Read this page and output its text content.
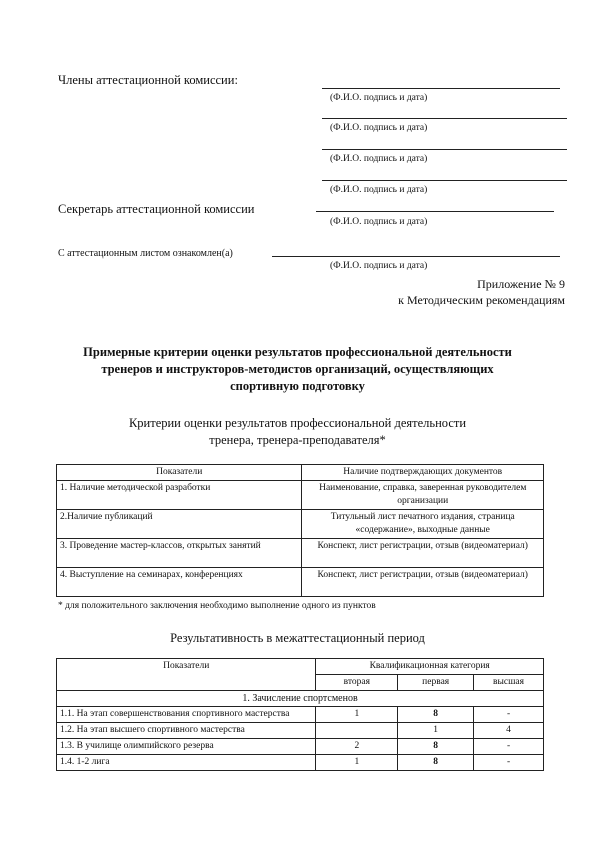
Члены аттестационной комиссии:
(Ф.И.О. подпись и дата)
(Ф.И.О. подпись и дата)
(Ф.И.О. подпись и дата)
(Ф.И.О. подпись и дата)
Секретарь аттестационной комиссии
(Ф.И.О. подпись и дата)
С аттестационным листом ознакомлен(а)
(Ф.И.О. подпись и дата)
Приложение № 9
к Методическим рекомендациям
Примерные критерии оценки результатов профессиональной деятельности
тренеров и инструкторов-методистов организаций, осуществляющих
спортивную подготовку
Критерии оценки результатов профессиональной деятельности
тренера, тренера-преподавателя*
Показатели	Наличие подтверждающих документов
1. Наличие методической разработки	Наименование, справка, заверенная руководителем организации
2.Наличие публикаций	Титульный лист печатного издания, страница «содержание», выходные данные
3. Проведение мастер-классов, открытых занятий	Конспект, лист регистрации, отзыв (видеоматериал)
4. Выступление на семинарах, конференциях	Конспект, лист регистрации, отзыв (видеоматериал)
* для положительного заключения необходимо выполнение одного из пунктов
Результативность в межаттестационный период
Показатели	Квалификационная категория		
	вторая	первая	высшая
1. Зачисление спортсменов			
1.1. На этап совершенствования спортивного мастерства	1	8	-
1.2. На этап высшего спортивного мастерства		1	4
1.3. В училище олимпийского резерва	2	8	-
1.4. 1-2 лига	1	8	-
